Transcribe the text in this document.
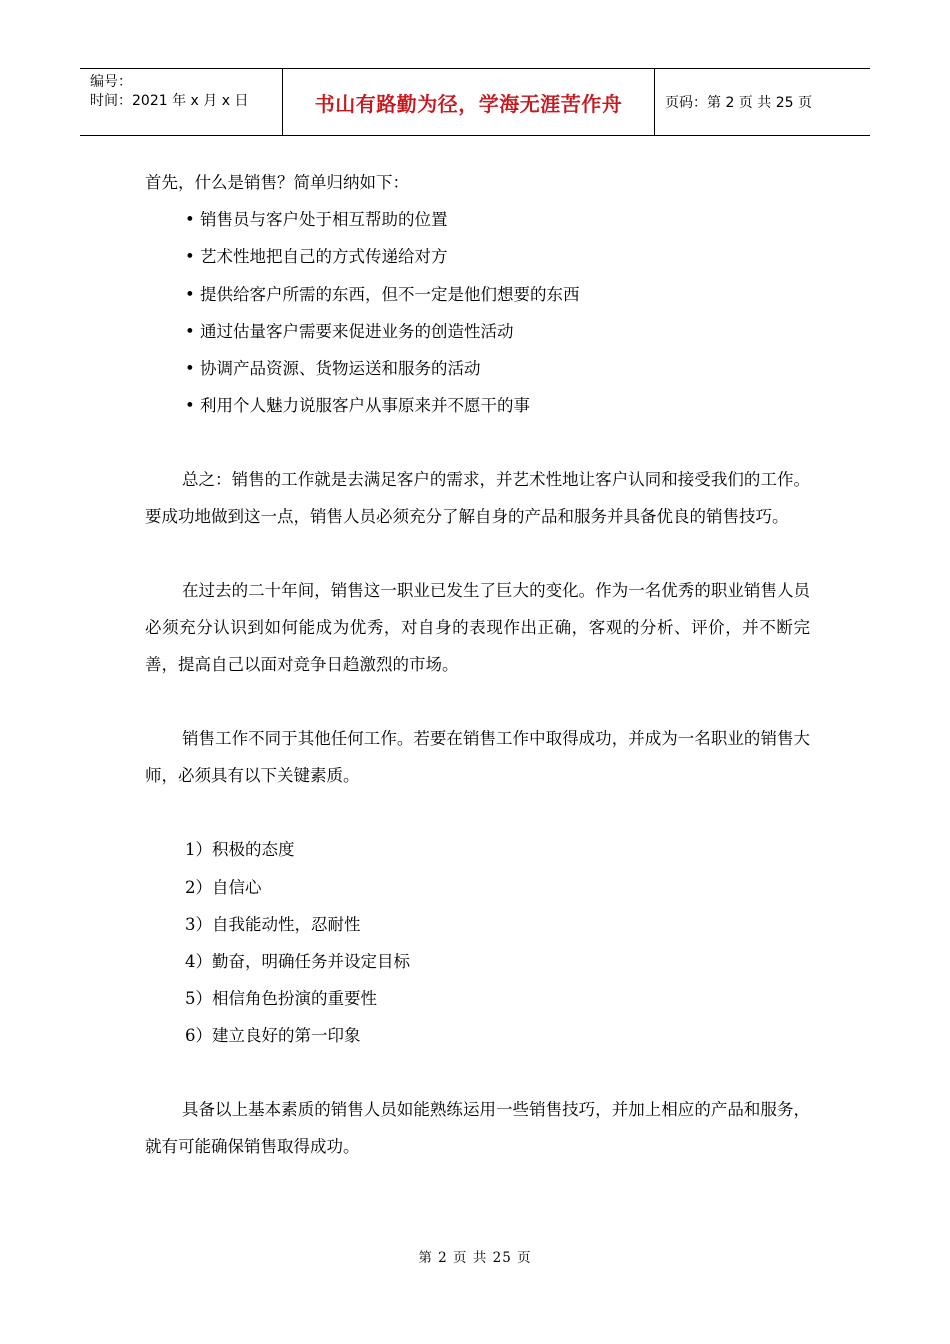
编号：
时间：2021 年 x 月 x 日	书山有路勤为径，学海无涯苦作舟	页码：第 2 页 共 25 页
首先，什么是销售？简单归纳如下：
• 销售员与客户处于相互帮助的位置
• 艺术性地把自己的方式传递给对方
• 提供给客户所需的东西，但不一定是他们想要的东西
• 通过估量客户需要来促进业务的创造性活动
• 协调产品资源、货物运送和服务的活动
• 利用个人魅力说服客户从事原来并不愿干的事
总之：销售的工作就是去满足客户的需求，并艺术性地让客户认同和接受我们的工作。要成功地做到这一点，销售人员必须充分了解自身的产品和服务并具备优良的销售技巧。
在过去的二十年间，销售这一职业已发生了巨大的变化。作为一名优秀的职业销售人员必须充分认识到如何能成为优秀，对自身的表现作出正确，客观的分析、评价，并不断完善，提高自己以面对竞争日趋激烈的市场。
销售工作不同于其他任何工作。若要在销售工作中取得成功，并成为一名职业的销售大师，必须具有以下关键素质。
1）积极的态度
2）自信心
3）自我能动性，忍耐性
4）勤奋，明确任务并设定目标
5）相信角色扮演的重要性
6）建立良好的第一印象
具备以上基本素质的销售人员如能熟练运用一些销售技巧，并加上相应的产品和服务，就有可能确保销售取得成功。
第 2 页 共 25 页
